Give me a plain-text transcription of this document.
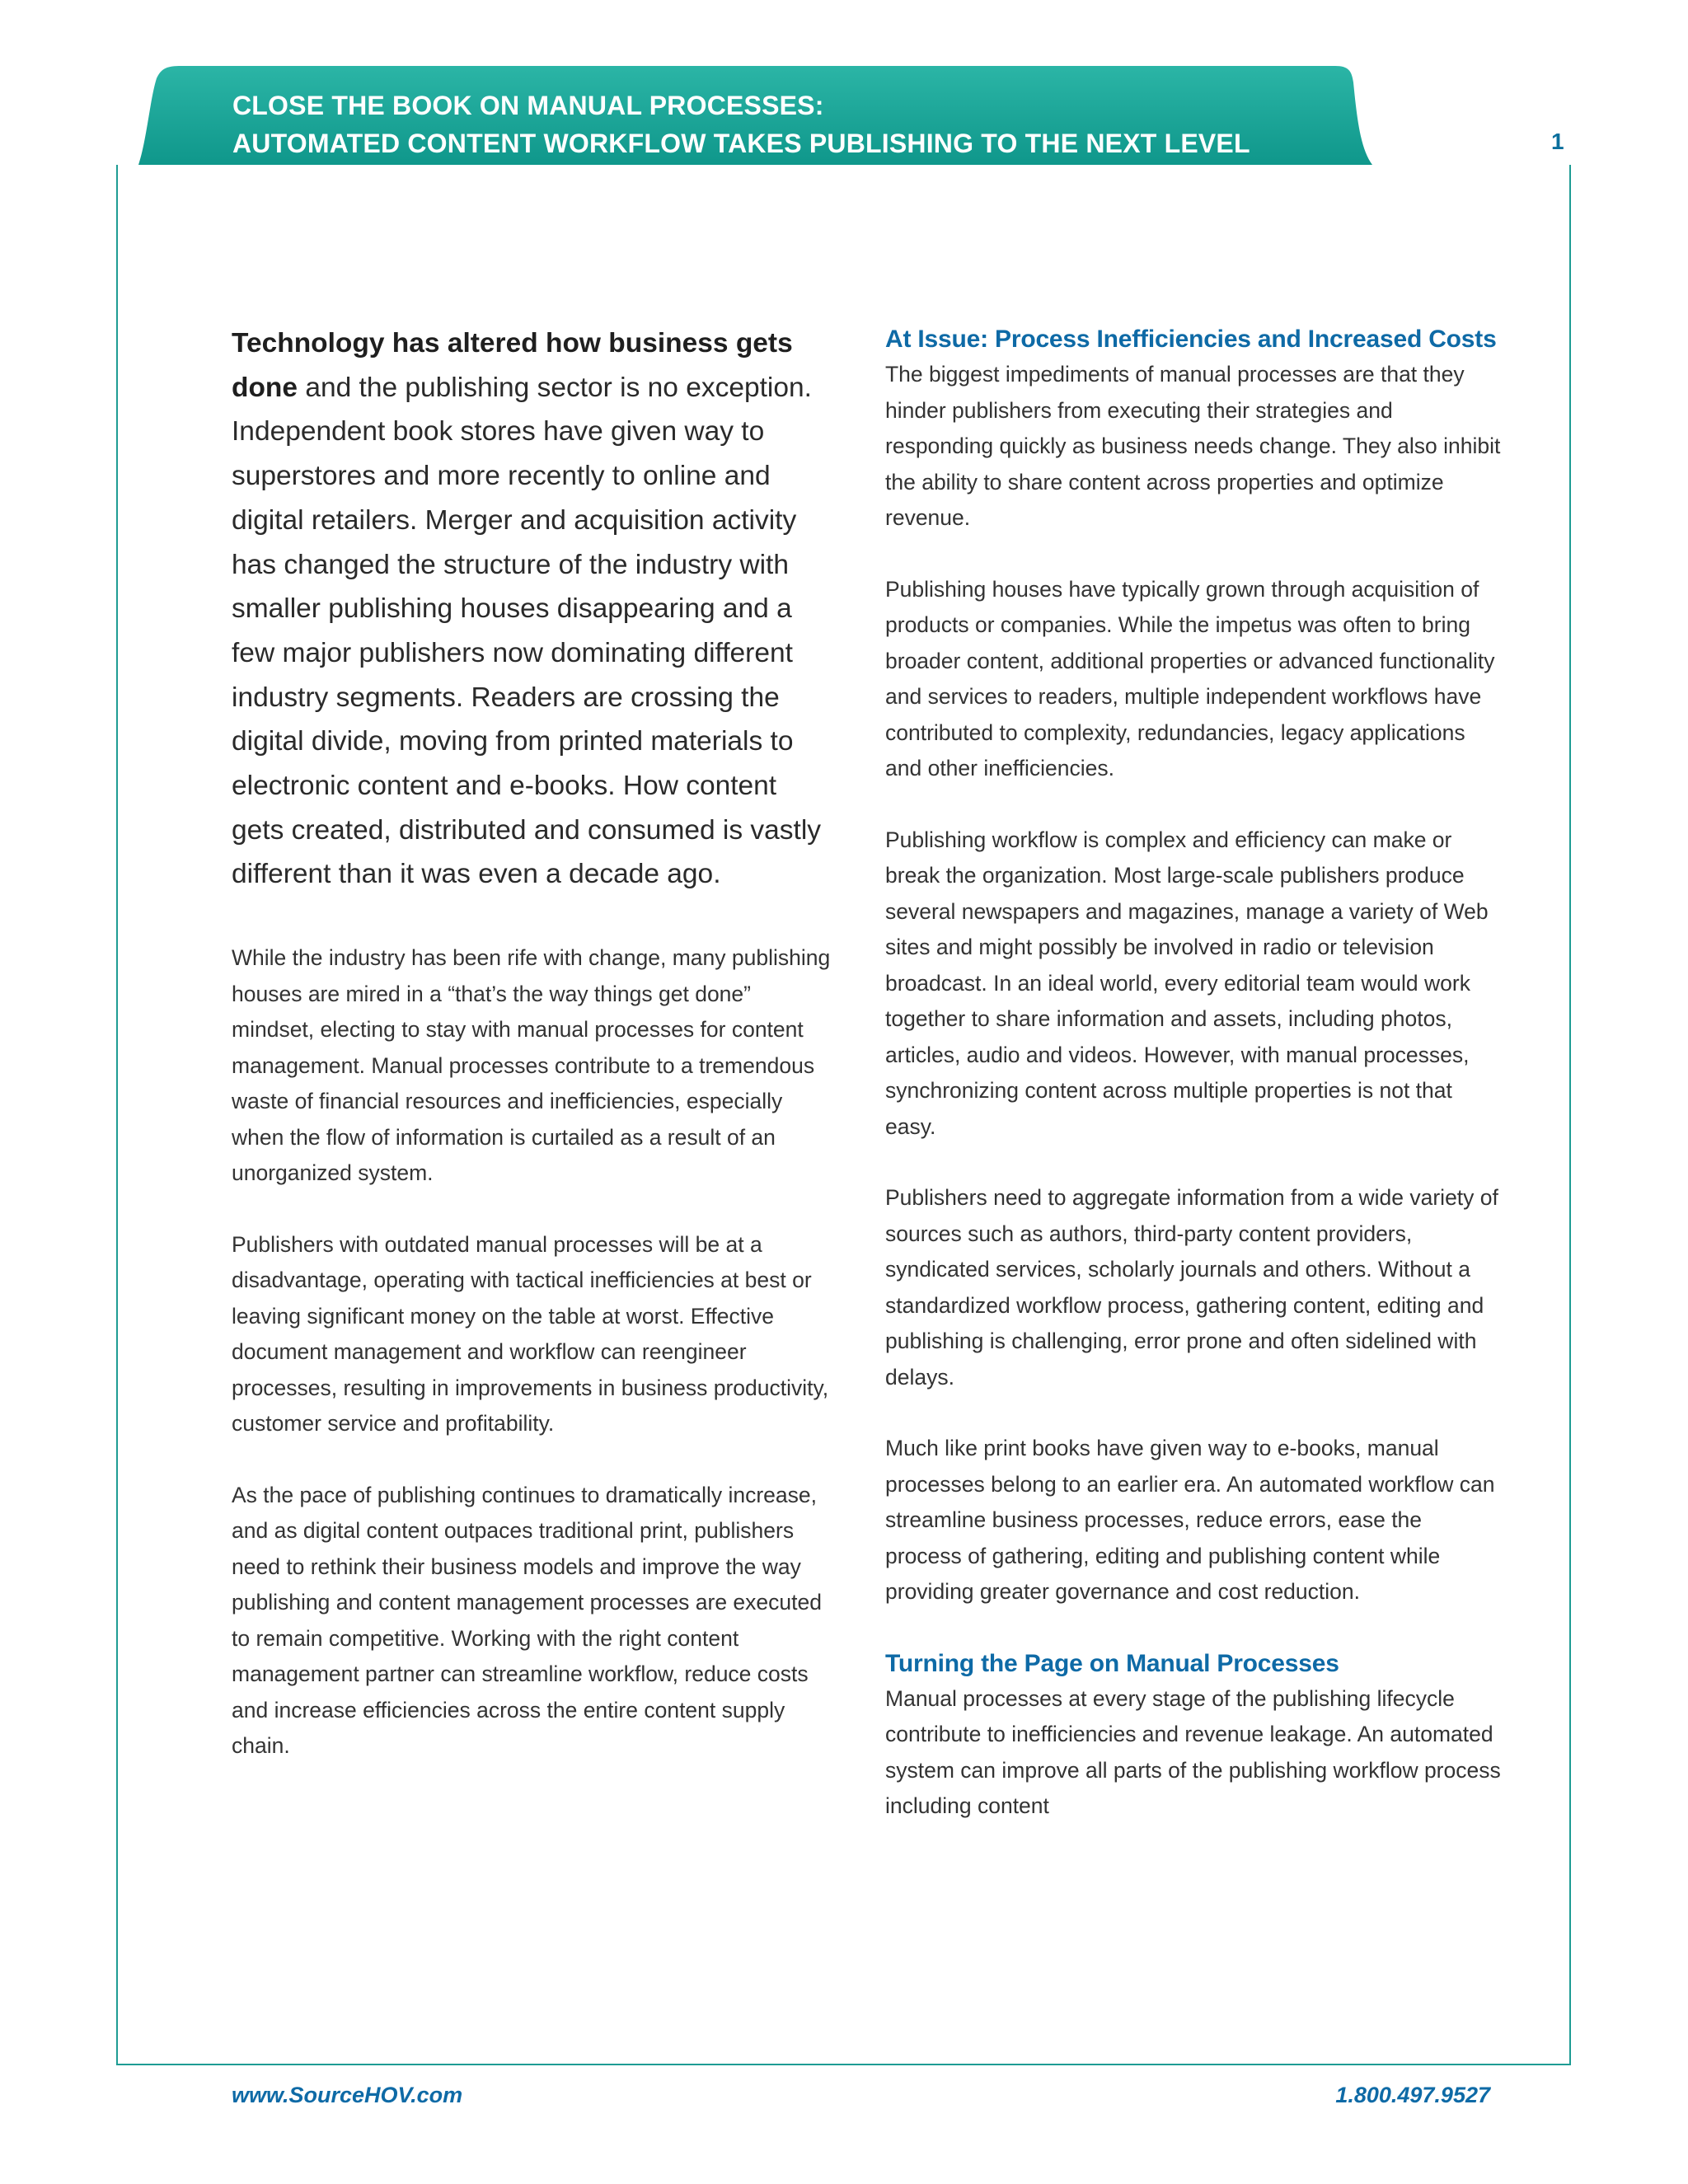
CLOSE THE BOOK ON MANUAL PROCESSES:
AUTOMATED CONTENT WORKFLOW TAKES PUBLISHING TO THE NEXT LEVEL	1

Technology has altered how business gets done and the publishing sector is no exception. Independent book stores have given way to superstores and more recently to online and digital retailers. Merger and acquisition activity has changed the structure of the industry with smaller publishing houses disappearing and a few major publishers now dominating different industry segments. Readers are crossing the digital divide, moving from printed materials to electronic content and e-books. How content gets created, distributed and consumed is vastly different than it was even a decade ago.

While the industry has been rife with change, many publishing houses are mired in a “that’s the way things get done” mindset, electing to stay with manual processes for content management. Manual processes contribute to a tremendous waste of financial resources and inefficiencies, especially when the flow of information is curtailed as a result of an unorganized system.

Publishers with outdated manual processes will be at a disadvantage, operating with tactical inefficiencies at best or leaving significant money on the table at worst. Effective document management and workflow can reengineer processes, resulting in improvements in business productivity, customer service and profitability.

As the pace of publishing continues to dramatically increase, and as digital content outpaces traditional print, publishers need to rethink their business models and improve the way publishing and content management processes are executed to remain competitive. Working with the right content management partner can streamline workflow, reduce costs and increase efficiencies across the entire content supply chain.

At Issue: Process Inefficiencies and Increased Costs

The biggest impediments of manual processes are that they hinder publishers from executing their strategies and responding quickly as business needs change. They also inhibit the ability to share content across properties and optimize revenue.

Publishing houses have typically grown through acquisition of products or companies. While the impetus was often to bring broader content, additional properties or advanced functionality and services to readers, multiple independent workflows have contributed to complexity, redundancies, legacy applications and other inefficiencies.

Publishing workflow is complex and efficiency can make or break the organization. Most large-scale publishers produce several newspapers and magazines, manage a variety of Web sites and might possibly be involved in radio or television broadcast. In an ideal world, every editorial team would work together to share information and assets, including photos, articles, audio and videos. However, with manual processes, synchronizing content across multiple properties is not that easy.

Publishers need to aggregate information from a wide variety of sources such as authors, third-party content providers, syndicated services, scholarly journals and others. Without a standardized workflow process, gathering content, editing and publishing is challenging, error prone and often sidelined with delays.

Much like print books have given way to e-books, manual processes belong to an earlier era. An automated workflow can streamline business processes, reduce errors, ease the process of gathering, editing and publishing content while providing greater governance and cost reduction.

Turning the Page on Manual Processes

Manual processes at every stage of the publishing lifecycle contribute to inefficiencies and revenue leakage. An automated system can improve all parts of the publishing workflow process including content

www.SourceHOV.com	1.800.497.9527
